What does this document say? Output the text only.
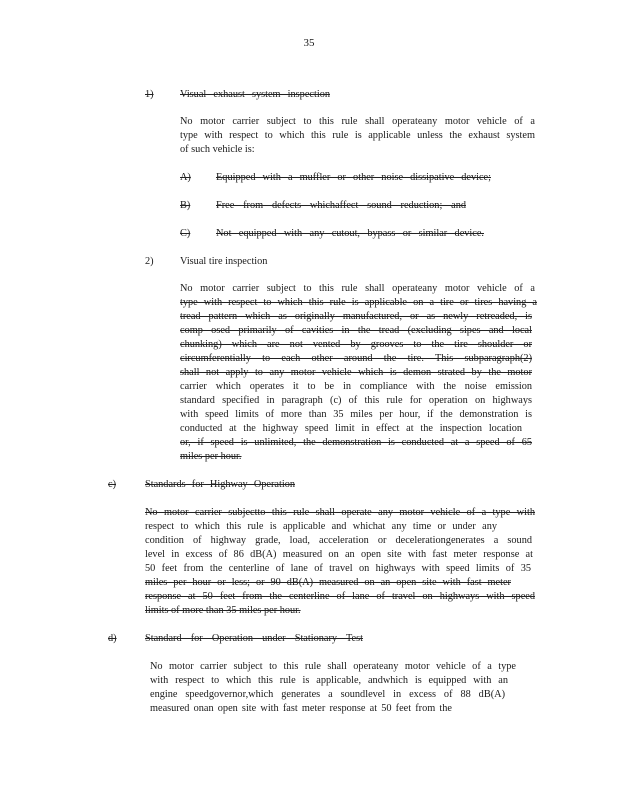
35
1)	Visual exhaust system inspection
No motor carrier subject to this rule shall operateany motor vehicle of a
type with respect to which this rule is applicable unless the exhaust system
of such vehicle is:
A) Equipped with a muffler or other noise dissipative device;
B) Free from defects whichaffect sound reduction; and
C) Not equipped with any cutout, bypass or similar device.
2)	Visual tire inspection
No motor carrier subject to this rule shall operateany motor vehicle of a
type with respect to which this rule is applicable on a tire or tires having a
tread pattern which as originally manufactured, or as newly retreaded, is
comp osed primarily of cavities in the tread (excluding sipes and local
chunking) which are not vented by grooves to the tire shoulder or
circumferentially to each other around the tire. This subparagraph(2)
shall not apply to any motor vehicle which is demon strated by the motor
carrier which operates it to be in compliance with the noise emission
standard specified in paragraph (c) of this rule for operation on highways
with speed limits of more than 35 miles per hour, if the demonstration is
conducted at the highway speed limit in effect at the inspection location
or, if speed is unlimited, the demonstration is conducted at a speed of 65
miles per hour.
c)	Standards for Highway Operation
No motor carrier subjectto this rule shall operate any motor vehicle of a type with
respect to which this rule is applicable and whichat any time or under any
condition of highway grade, load, acceleration or decelerationgenerates a sound
level in excess of 86 dB(A) measured on an open site with fast meter response at
50 feet from the centerline of lane of travel on highways with speed limits of 35
miles per hour or less; or 90 dB(A) measured on an open site with fast meter
response at 50 feet from the centerline of lane of travel on highways with speed
limits of more than 35 miles per hour.
d)	Standard for Operation under Stationary Test
No motor carrier subject to this rule shall operateany motor vehicle of a type
with respect to which this rule is applicable, andwhich is equipped with an
engine speedgovernor,which generates a soundlevel in excess of 88 dB(A)
measured onan open site with fast meter response at 50 feet from the
